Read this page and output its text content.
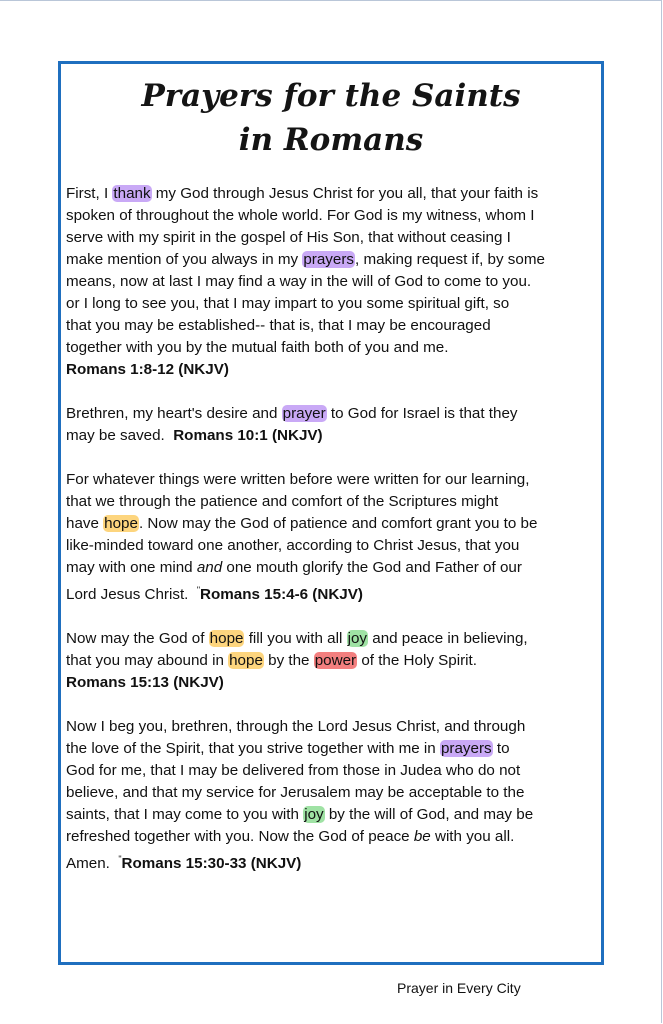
Prayers for the Saints
in Romans
First, I thank my God through Jesus Christ for you all, that your faith is
spoken of throughout the whole world. For God is my witness, whom I
serve with my spirit in the gospel of His Son, that without ceasing I
make mention of you always in my prayers, making request if, by some
means, now at last I may find a way in the will of God to come to you.
or I long to see you, that I may impart to you some spiritual gift, so
that you may be established-- that is, that I may be encouraged
together with you by the mutual faith both of you and me.
Romans 1:8-12 (NKJV)
Brethren, my heart's desire and prayer to God for Israel is that they
may be saved.  Romans 10:1 (NKJV)
For whatever things were written before were written for our learning,
that we through the patience and comfort of the Scriptures might
have hope. Now may the God of patience and comfort grant you to be
like-minded toward one another, according to Christ Jesus, that you
may with one mind and one mouth glorify the God and Father of our
Lord Jesus Christ.  "Romans 15:4-6 (NKJV)
Now may the God of hope fill you with all joy and peace in believing,
that you may abound in hope by the power of the Holy Spirit.
Romans 15:13 (NKJV)
Now I beg you, brethren, through the Lord Jesus Christ, and through
the love of the Spirit, that you strive together with me in prayers to
God for me, that I may be delivered from those in Judea who do not
believe, and that my service for Jerusalem may be acceptable to the
saints, that I may come to you with joy by the will of God, and may be
refreshed together with you. Now the God of peace be with you all.
Amen.  "Romans 15:30-33 (NKJV)
Prayer in Every City
